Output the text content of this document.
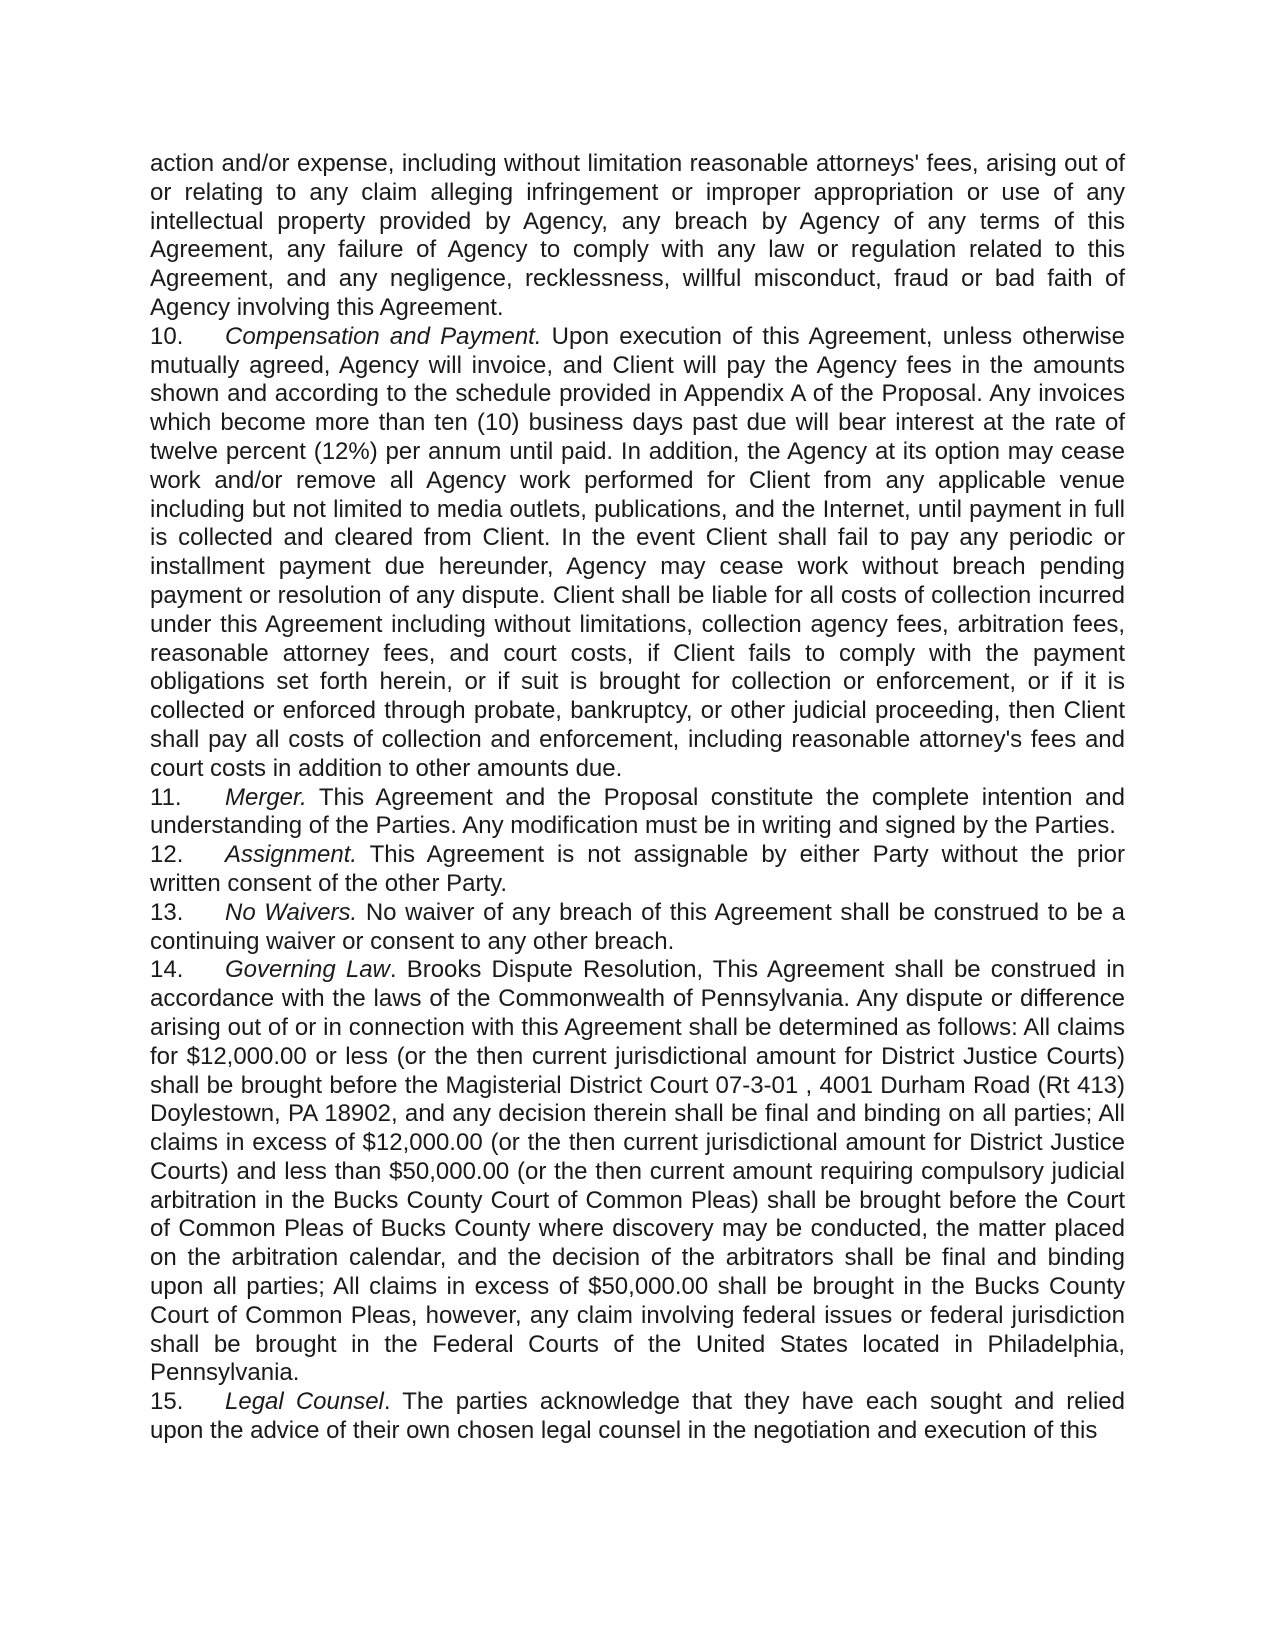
action and/or expense, including without limitation reasonable attorneys' fees, arising out of or relating to any claim alleging infringement or improper appropriation or use of any intellectual property provided by Agency, any breach by Agency of any terms of this Agreement, any failure of Agency to comply with any law or regulation related to this Agreement, and any negligence, recklessness, willful misconduct, fraud or bad faith of Agency involving this Agreement.

10. Compensation and Payment. Upon execution of this Agreement, unless otherwise mutually agreed, Agency will invoice, and Client will pay the Agency fees in the amounts shown and according to the schedule provided in Appendix A of the Proposal. Any invoices which become more than ten (10) business days past due will bear interest at the rate of twelve percent (12%) per annum until paid. In addition, the Agency at its option may cease work and/or remove all Agency work performed for Client from any applicable venue including but not limited to media outlets, publications, and the Internet, until payment in full is collected and cleared from Client. In the event Client shall fail to pay any periodic or installment payment due hereunder, Agency may cease work without breach pending payment or resolution of any dispute. Client shall be liable for all costs of collection incurred under this Agreement including without limitations, collection agency fees, arbitration fees, reasonable attorney fees, and court costs, if Client fails to comply with the payment obligations set forth herein, or if suit is brought for collection or enforcement, or if it is collected or enforced through probate, bankruptcy, or other judicial proceeding, then Client shall pay all costs of collection and enforcement, including reasonable attorney's fees and court costs in addition to other amounts due.

11. Merger. This Agreement and the Proposal constitute the complete intention and understanding of the Parties. Any modification must be in writing and signed by the Parties.

12. Assignment. This Agreement is not assignable by either Party without the prior written consent of the other Party.

13. No Waivers. No waiver of any breach of this Agreement shall be construed to be a continuing waiver or consent to any other breach.

14. Governing Law. Brooks Dispute Resolution, This Agreement shall be construed in accordance with the laws of the Commonwealth of Pennsylvania. Any dispute or difference arising out of or in connection with this Agreement shall be determined as follows: All claims for $12,000.00 or less (or the then current jurisdictional amount for District Justice Courts) shall be brought before the Magisterial District Court 07-3-01 , 4001 Durham Road (Rt 413) Doylestown, PA 18902, and any decision therein shall be final and binding on all parties; All claims in excess of $12,000.00 (or the then current jurisdictional amount for District Justice Courts) and less than $50,000.00 (or the then current amount requiring compulsory judicial arbitration in the Bucks County Court of Common Pleas) shall be brought before the Court of Common Pleas of Bucks County where discovery may be conducted, the matter placed on the arbitration calendar, and the decision of the arbitrators shall be final and binding upon all parties; All claims in excess of $50,000.00 shall be brought in the Bucks County Court of Common Pleas, however, any claim involving federal issues or federal jurisdiction shall be brought in the Federal Courts of the United States located in Philadelphia, Pennsylvania.

15. Legal Counsel. The parties acknowledge that they have each sought and relied upon the advice of their own chosen legal counsel in the negotiation and execution of this
